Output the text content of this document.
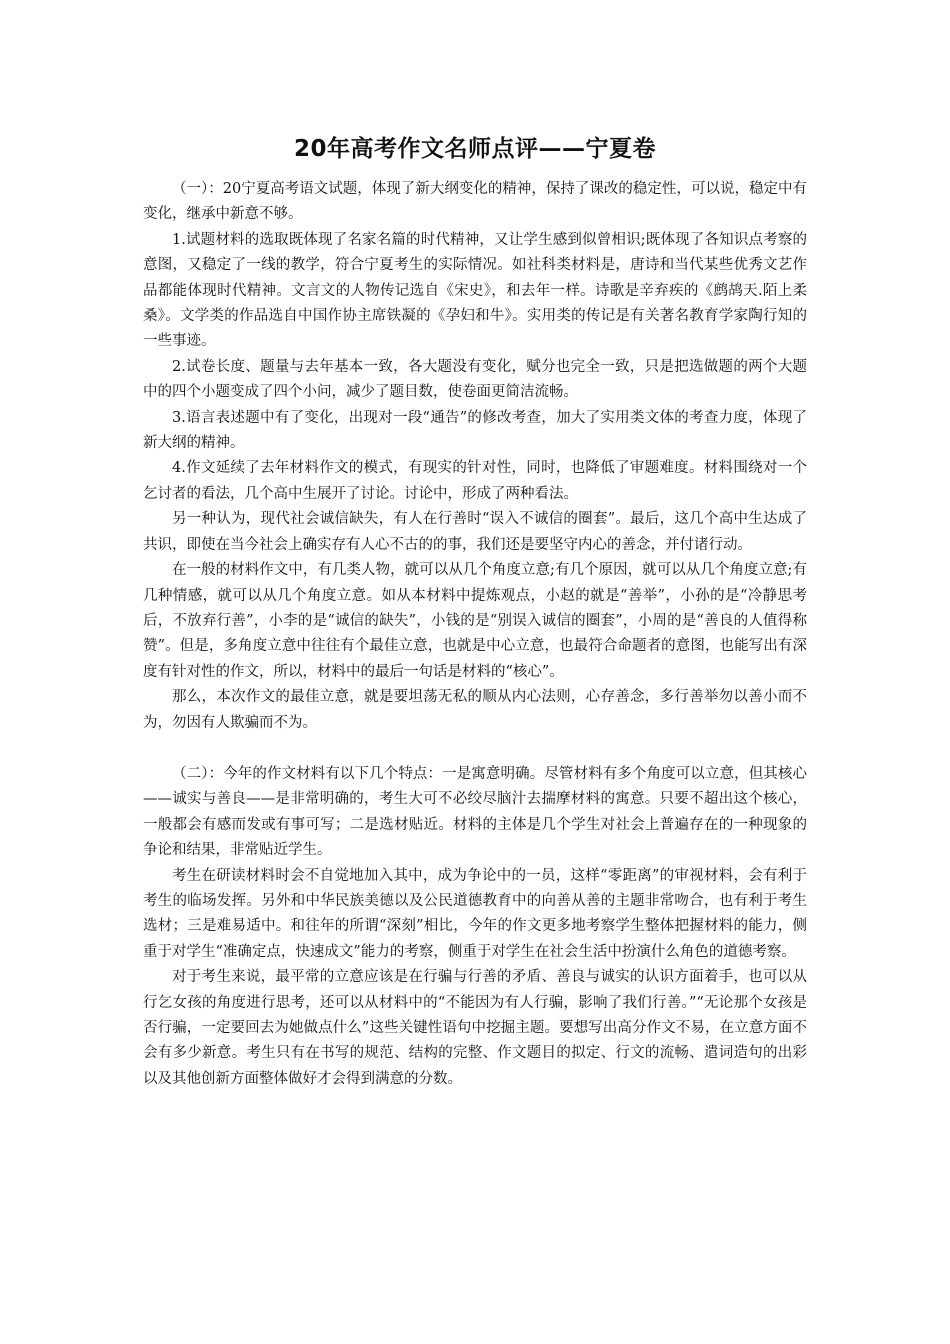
20年高考作文名师点评——宁夏卷

（一）：20宁夏高考语文试题，体现了新大纲变化的精神，保持了课改的稳定性，可以说，稳定中有变化，继承中新意不够。

1.试题材料的选取既体现了名家名篇的时代精神，又让学生感到似曾相识;既体现了各知识点考察的意图，又稳定了一线的教学，符合宁夏考生的实际情况。如社科类材料是，唐诗和当代某些优秀文艺作品都能体现时代精神。文言文的人物传记选自《宋史》，和去年一样。诗歌是辛弃疾的《鹧鸪天.陌上柔桑》。文学类的作品选自中国作协主席铁凝的《孕妇和牛》。实用类的传记是有关著名教育学家陶行知的一些事迹。

2.试卷长度、题量与去年基本一致，各大题没有变化，赋分也完全一致，只是把选做题的两个大题中的四个小题变成了四个小问，减少了题目数，使卷面更简洁流畅。

3.语言表述题中有了变化，出现对一段“通告”的修改考查，加大了实用类文体的考查力度，体现了新大纲的精神。

4.作文延续了去年材料作文的模式，有现实的针对性，同时，也降低了审题难度。材料围绕对一个乞讨者的看法，几个高中生展开了讨论。讨论中，形成了两种看法。

另一种认为，现代社会诚信缺失，有人在行善时“误入不诚信的圈套”。最后，这几个高中生达成了共识，即使在当今社会上确实存有人心不古的的事，我们还是要坚守内心的善念，并付诸行动。

在一般的材料作文中，有几类人物，就可以从几个角度立意;有几个原因，就可以从几个角度立意;有几种情感，就可以从几个角度立意。如从本材料中提炼观点，小赵的就是“善举”，小孙的是“冷静思考后，不放弃行善”，小李的是“诚信的缺失”，小钱的是“别误入诚信的圈套”，小周的是“善良的人值得称赞”。但是，多角度立意中往往有个最佳立意，也就是中心立意，也最符合命题者的意图，也能写出有深度有针对性的作文，所以，材料中的最后一句话是材料的“核心”。

那么，本次作文的最佳立意，就是要坦荡无私的顺从内心法则，心存善念，多行善举勿以善小而不为，勿因有人欺骗而不为。

（二）：今年的作文材料有以下几个特点：一是寓意明确。尽管材料有多个角度可以立意，但其核心——诚实与善良——是非常明确的，考生大可不必绞尽脑汁去揣摩材料的寓意。只要不超出这个核心，一般都会有感而发或有事可写；二是选材贴近。材料的主体是几个学生对社会上普遍存在的一种现象的争论和结果，非常贴近学生。

考生在研读材料时会不自觉地加入其中，成为争论中的一员，这样“零距离”的审视材料，会有利于考生的临场发挥。另外和中华民族美德以及公民道德教育中的向善从善的主题非常吻合，也有利于考生选材；三是难易适中。和往年的所谓“深刻”相比，今年的作文更多地考察学生整体把握材料的能力，侧重于对学生“准确定点，快速成文”能力的考察，侧重于对学生在社会生活中扮演什么角色的道德考察。

对于考生来说，最平常的立意应该是在行骗与行善的矛盾、善良与诚实的认识方面着手，也可以从行乞女孩的角度进行思考，还可以从材料中的“不能因为有人行骗，影响了我们行善。”“无论那个女孩是否行骗，一定要回去为她做点什么”这些关键性语句中挖掘主题。要想写出高分作文不易，在立意方面不会有多少新意。考生只有在书写的规范、结构的完整、作文题目的拟定、行文的流畅、遣词造句的出彩以及其他创新方面整体做好才会得到满意的分数。
